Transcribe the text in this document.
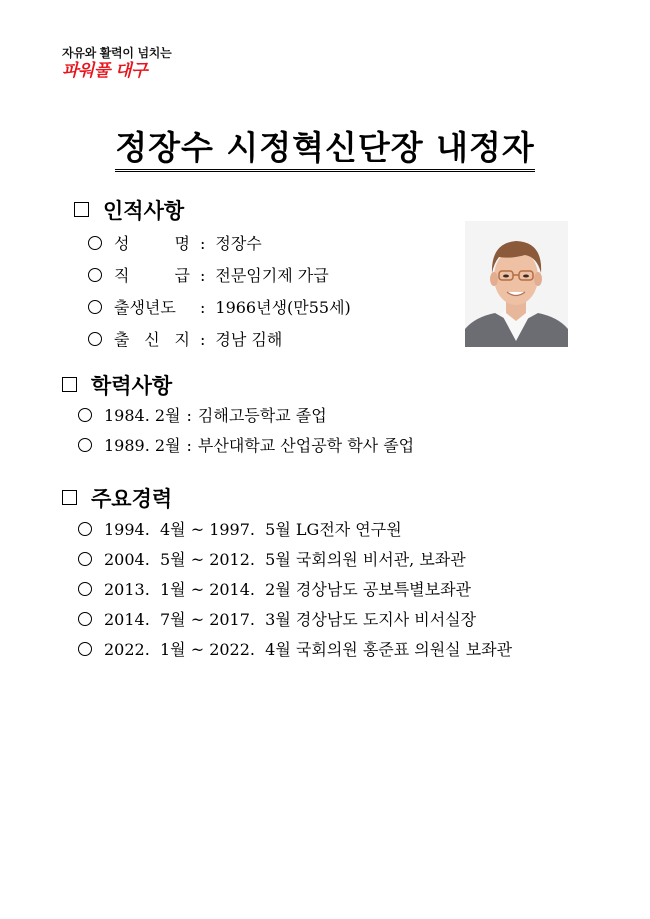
자유와 활력이 넘치는
파워풀 대구
정장수 시정혁신단장 내정자
인적사항
성 명 : 정장수
직 급 : 전문임기제 가급
출생년도 : 1966년생(만55세)
출 신 지 : 경남 김해
학력사항
1984. 2월 : 김해고등학교 졸업
1989. 2월 : 부산대학교 산업공학 학사 졸업
주요경력
1994.  4월 ~ 1997.  5월 LG전자 연구원
2004.  5월 ~ 2012.  5월 국회의원 비서관, 보좌관
2013.  1월 ~ 2014.  2월 경상남도 공보특별보좌관
2014.  7월 ~ 2017.  3월 경상남도 도지사 비서실장
2022.  1월 ~ 2022.  4월 국회의원 홍준표 의원실 보좌관
